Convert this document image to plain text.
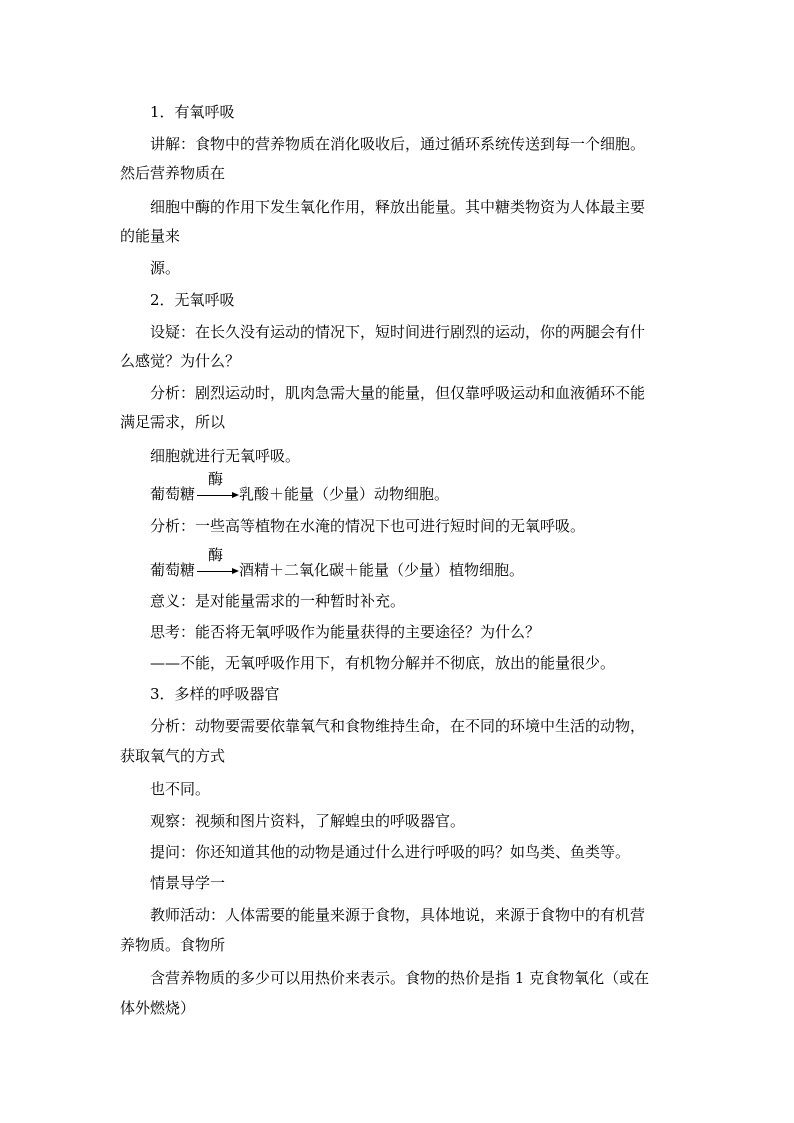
1．有氧呼吸
讲解：食物中的营养物质在消化吸收后，通过循环系统传送到每一个细胞。
然后营养物质在
细胞中酶的作用下发生氧化作用，释放出能量。其中糖类物资为人体最主要
的能量来
源。
2．无氧呼吸
设疑：在长久没有运动的情况下，短时间进行剧烈的运动，你的两腿会有什
么感觉？为什么？
分析：剧烈运动时，肌肉急需大量的能量，但仅靠呼吸运动和血液循环不能
满足需求，所以
细胞就进行无氧呼吸。
葡萄糖
酶
乳酸＋能量（少量）动物细胞。
分析：一些高等植物在水淹的情况下也可进行短时间的无氧呼吸。
葡萄糖
酶
酒精＋二氧化碳＋能量（少量）植物细胞。
意义：是对能量需求的一种暂时补充。
思考：能否将无氧呼吸作为能量获得的主要途径？为什么？
——不能，无氧呼吸作用下，有机物分解并不彻底，放出的能量很少。
3．多样的呼吸器官
分析：动物要需要依靠氧气和食物维持生命，在不同的环境中生活的动物，
获取氧气的方式
也不同。
观察：视频和图片资料，了解蝗虫的呼吸器官。
提问：你还知道其他的动物是通过什么进行呼吸的吗？如鸟类、鱼类等。
情景导学一
教师活动：人体需要的能量来源于食物，具体地说，来源于食物中的有机营
养物质。食物所
含营养物质的多少可以用热价来表示。食物的热价是指 1 克食物氧化（或在
体外燃烧）
